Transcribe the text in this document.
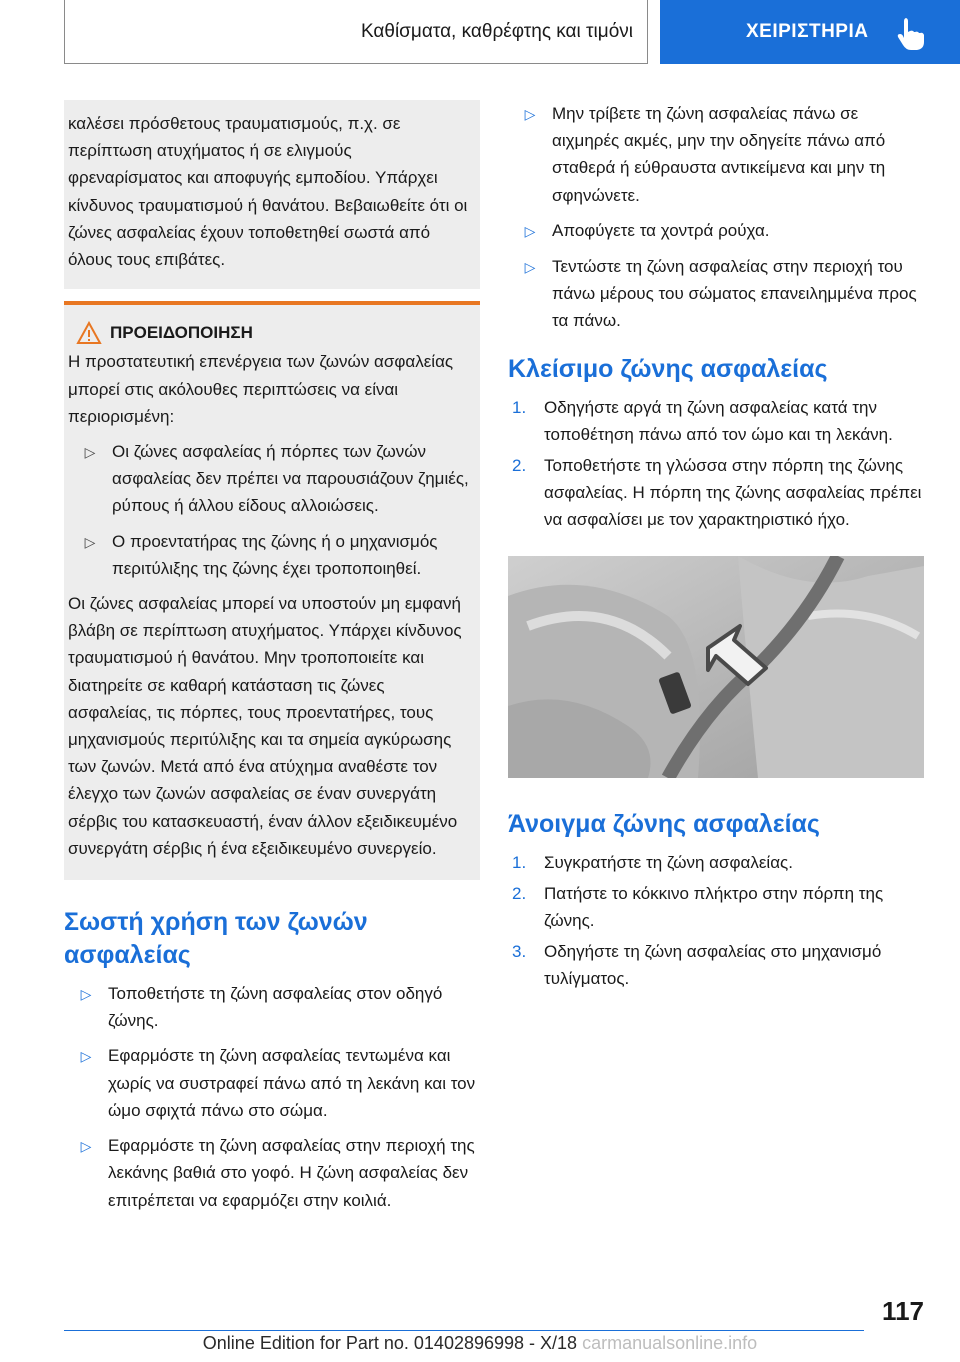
Καθίσματα, καθρέφτης και τιμόνι	ΧΕΙΡΙΣΤΗΡΙΑ
καλέσει πρόσθετους τραυματισμούς, π.χ. σε περίπτωση ατυχήματος ή σε ελιγμούς φρεναρίσματος και αποφυγής εμποδίου. Υπάρχει κίνδυνος τραυματισμού ή θανάτου. Βεβαιωθείτε ότι οι ζώνες ασφαλείας έχουν τοποθετηθεί σωστά από όλους τους επιβάτες.
ΠΡΟΕΙΔΟΠΟΙΗΣΗ
Η προστατευτική επενέργεια των ζωνών ασφαλείας μπορεί στις ακόλουθες περιπτώσεις να είναι περιορισμένη:
▷ Οι ζώνες ασφαλείας ή πόρπες των ζωνών ασφαλείας δεν πρέπει να παρουσιάζουν ζημιές, ρύπους ή άλλου είδους αλλοιώσεις.
▷ Ο προεντατήρας της ζώνης ή ο μηχανισμός περιτύλιξης της ζώνης έχει τροποποιηθεί.
Οι ζώνες ασφαλείας μπορεί να υποστούν μη εμφανή βλάβη σε περίπτωση ατυχήματος. Υπάρχει κίνδυνος τραυματισμού ή θανάτου. Μην τροποποιείτε και διατηρείτε σε καθαρή κατάσταση τις ζώνες ασφαλείας, τις πόρπες, τους προεντατήρες, τους μηχανισμούς περιτύλιξης και τα σημεία αγκύρωσης των ζωνών. Μετά από ένα ατύχημα αναθέστε τον έλεγχο των ζωνών ασφαλείας σε έναν συνεργάτη σέρβις του κατασκευαστή, έναν άλλον εξειδικευμένο συνεργάτη σέρβις ή ένα εξειδικευμένο συνεργείο.
Σωστή χρήση των ζωνών ασφαλείας
▷ Τοποθετήστε τη ζώνη ασφαλείας στον οδηγό ζώνης.
▷ Εφαρμόστε τη ζώνη ασφαλείας τεντωμένα και χωρίς να συστραφεί πάνω από τη λεκάνη και τον ώμο σφιχτά πάνω στο σώμα.
▷ Εφαρμόστε τη ζώνη ασφαλείας στην περιοχή της λεκάνης βαθιά στο γοφό. Η ζώνη ασφαλείας δεν επιτρέπεται να εφαρμόζει στην κοιλιά.
▷ Μην τρίβετε τη ζώνη ασφαλείας πάνω σε αιχμηρές ακμές, μην την οδηγείτε πάνω από σταθερά ή εύθραυστα αντικείμενα και μην τη σφηνώνετε.
▷ Αποφύγετε τα χοντρά ρούχα.
▷ Τεντώστε τη ζώνη ασφαλείας στην περιοχή του πάνω μέρους του σώματος επανειλημμένα προς τα πάνω.
Κλείσιμο ζώνης ασφαλείας
1.	Οδηγήστε αργά τη ζώνη ασφαλείας κατά την τοποθέτηση πάνω από τον ώμο και τη λεκάνη.
2.	Τοποθετήστε τη γλώσσα στην πόρπη της ζώνης ασφαλείας. Η πόρπη της ζώνης ασφαλείας πρέπει να ασφαλίσει με τον χαρακτηριστικό ήχο.
Άνοιγμα ζώνης ασφαλείας
1.	Συγκρατήστε τη ζώνη ασφαλείας.
2.	Πατήστε το κόκκινο πλήκτρο στην πόρπη της ζώνης.
3.	Οδηγήστε τη ζώνη ασφαλείας στο μηχανισμό τυλίγματος.
117
Online Edition for Part no. 01402896998 - X/18 carmanualsonline.info
